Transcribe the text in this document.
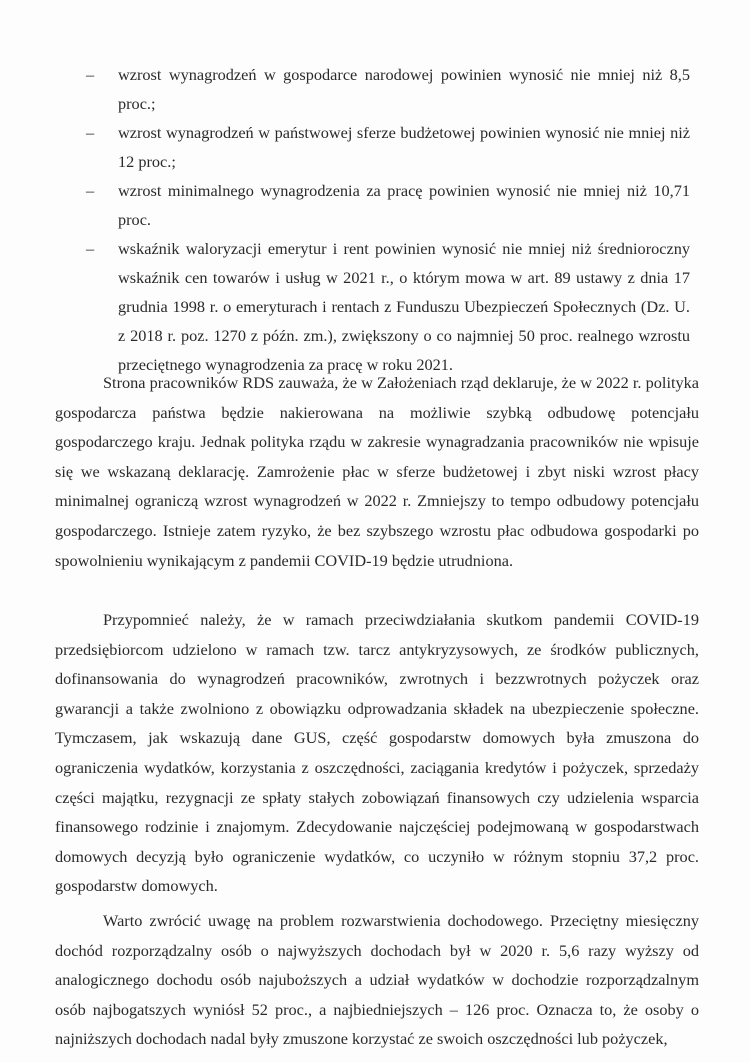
– wzrost wynagrodzeń w gospodarce narodowej powinien wynosić nie mniej niż 8,5 proc.;
– wzrost wynagrodzeń w państwowej sferze budżetowej powinien wynosić nie mniej niż 12 proc.;
– wzrost minimalnego wynagrodzenia za pracę powinien wynosić nie mniej niż 10,71 proc.
– wskaźnik waloryzacji emerytur i rent powinien wynosić nie mniej niż średnioroczny wskaźnik cen towarów i usług w 2021 r., o którym mowa w art. 89 ustawy z dnia 17 grudnia 1998 r. o emeryturach i rentach z Funduszu Ubezpieczeń Społecznych (Dz. U. z 2018 r. poz. 1270 z późn. zm.), zwiększony o co najmniej 50 proc. realnego wzrostu przeciętnego wynagrodzenia za pracę w roku 2021.

Strona pracowników RDS zauważa, że w Założeniach rząd deklaruje, że w 2022 r. polityka gospodarcza państwa będzie nakierowana na możliwie szybką odbudowę potencjału gospodarczego kraju. Jednak polityka rządu w zakresie wynagradzania pracowników nie wpisuje się we wskazaną deklarację. Zamrożenie płac w sferze budżetowej i zbyt niski wzrost płacy minimalnej ograniczą wzrost wynagrodzeń w 2022 r. Zmniejszy to tempo odbudowy potencjału gospodarczego. Istnieje zatem ryzyko, że bez szybszego wzrostu płac odbudowa gospodarki po spowolnieniu wynikającym z pandemii COVID-19 będzie utrudniona.

Przypomnieć należy, że w ramach przeciwdziałania skutkom pandemii COVID-19 przedsiębiorcom udzielono w ramach tzw. tarcz antykryzysowych, ze środków publicznych, dofinansowania do wynagrodzeń pracowników, zwrotnych i bezzwrotnych pożyczek oraz gwarancji a także zwolniono z obowiązku odprowadzania składek na ubezpieczenie społeczne. Tymczasem, jak wskazują dane GUS, część gospodarstw domowych była zmuszona do ograniczenia wydatków, korzystania z oszczędności, zaciągania kredytów i pożyczek, sprzedaży części majątku, rezygnacji ze spłaty stałych zobowiązań finansowych czy udzielenia wsparcia finansowego rodzinie i znajomym. Zdecydowanie najczęściej podejmowaną w gospodarstwach domowych decyzją było ograniczenie wydatków, co uczyniło w różnym stopniu 37,2 proc. gospodarstw domowych.

Warto zwrócić uwagę na problem rozwarstwienia dochodowego. Przeciętny miesięczny dochód rozporządzalny osób o najwyższych dochodach był w 2020 r. 5,6 razy wyższy od analogicznego dochodu osób najuboższych a udział wydatków w dochodzie rozporządzalnym osób najbogatszych wyniósł 52 proc., a najbiedniejszych – 126 proc. Oznacza to, że osoby o najniższych dochodach nadal były zmuszone korzystać ze swoich oszczędności lub pożyczek,
